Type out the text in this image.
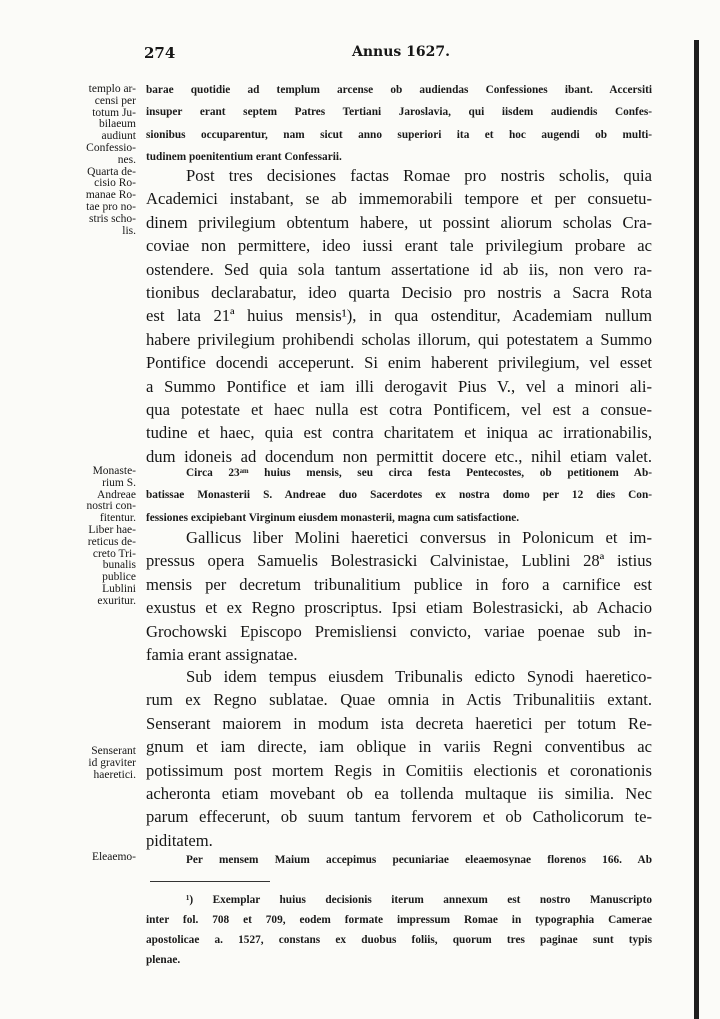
274	Annus 1627.
templo ar-
censi per
totum Ju-
bilaeum
audiunt
Confessio-
nes.
Quarta de-
cisio Ro-
manae Ro-
tae pro no-
stris scho-
lis.
Monaste-
rium S.
Andreae
nostri con-
fitentur.
Liber hae-
reticus de-
creto Tri-
bunalis
publice
Lublini
exuritur.
Senserant
id graviter
haeretici.
Eleaemo-
barae quotidie ad templum arcense ob audiendas Confessiones ibant. Accersiti
insuper erant septem Patres Tertiani Jaroslavia, qui iisdem audiendis Confes-
sionibus occuparentur, nam sicut anno superiori ita et hoc augendi ob multi-
tudinem poenitentium erant Confessarii.
Post tres decisiones factas Romae pro nostris scholis, quia
Academici instabant, se ab immemorabili tempore et per consuetu-
dinem privilegium obtentum habere, ut possint aliorum scholas Cra-
coviae non permittere, ideo iussi erant tale privilegium probare ac
ostendere. Sed quia sola tantum assertatione id ab iis, non vero ra-
tionibus declarabatur, ideo quarta Decisio pro nostris a Sacra Rota
est lata 21ª huius mensis¹), in qua ostenditur, Academiam nullum
habere privilegium prohibendi scholas illorum, qui potestatem a Summo
Pontifice docendi acceperunt. Si enim haberent privilegium, vel esset
a Summo Pontifice et iam illi derogavit Pius V., vel a minori ali-
qua potestate et haec nulla est cotra Pontificem, vel est a consue-
tudine et haec, quia est contra charitatem et iniqua ac irrationabilis,
dum idoneis ad docendum non permittit docere etc., nihil etiam valet.
Circa 23ᵃᵐ huius mensis, seu circa festa Pentecostes, ob petitionem Ab-
batissae Monasterii S. Andreae duo Sacerdotes ex nostra domo per 12 dies Con-
fessiones excipiebant Virginum eiusdem monasterii, magna cum satisfactione.
Gallicus liber Molini haeretici conversus in Polonicum et im-
pressus opera Samuelis Bolestrasicki Calvinistae, Lublini 28ª istius
mensis per decretum tribunalitium publice in foro a carnifice est
exustus et ex Regno proscriptus. Ipsi etiam Bolestrasicki, ab Achacio
Grochowski Episcopo Premisliensi convicto, variae poenae sub in-
famia erant assignatae.
Sub idem tempus eiusdem Tribunalis edicto Synodi haeretico-
rum ex Regno sublatae. Quae omnia in Actis Tribunalitiis extant.
Senserant maiorem in modum ista decreta haeretici per totum Re-
gnum et iam directe, iam oblique in variis Regni conventibus ac
potissimum post mortem Regis in Comitiis electionis et coronationis
acheronta etiam movebant ob ea tollenda multaque iis similia. Nec
parum effecerunt, ob suum tantum fervorem et ob Catholicorum te-
piditatem.
Per mensem Maium accepimus pecuniariae eleaemosynae florenos 166. Ab
¹) Exemplar huius decisionis iterum annexum est nostro Manuscripto
inter fol. 708 et 709, eodem formate impressum Romae in typographia Camerae
apostolicae a. 1527, constans ex duobus foliis, quorum tres paginae sunt typis
plenae.
